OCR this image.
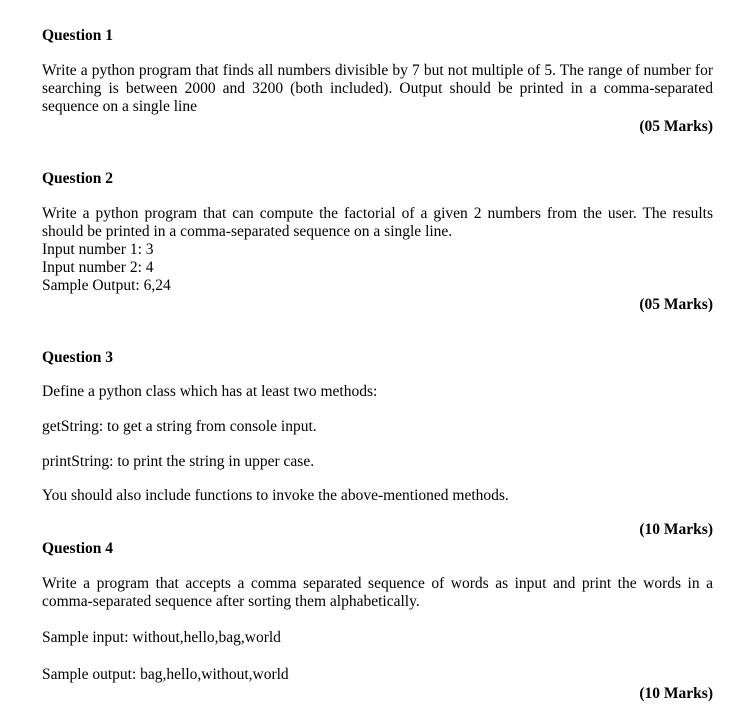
Question 1
Write a python program that finds all numbers divisible by 7 but not multiple of 5. The range of number for searching is between 2000 and 3200 (both included). Output should be printed in a comma-separated sequence on a single line
(05 Marks)
Question 2
Write a python program that can compute the factorial of a given 2 numbers from the user. The results should be printed in a comma-separated sequence on a single line.
Input number 1: 3
Input number 2: 4
Sample Output: 6,24
(05 Marks)
Question 3
Define a python class which has at least two methods:
getString: to get a string from console input.
printString: to print the string in upper case.
You should also include functions to invoke the above-mentioned methods.
(10 Marks)
Question 4
Write a program that accepts a comma separated sequence of words as input and print the words in a comma-separated sequence after sorting them alphabetically.
Sample input: without,hello,bag,world
Sample output: bag,hello,without,world
(10 Marks)
